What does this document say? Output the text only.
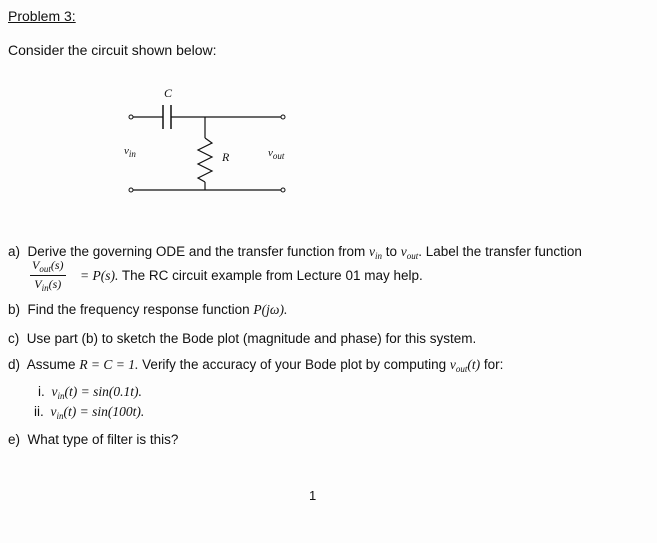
Problem 3:
Consider the circuit shown below:
C
R
$v_{in}$	$v_{out}$
a) Derive the governing ODE and the transfer function from $v_{in}$ to $v_{out}$. Label the transfer function
$V_{out}(s)$
$V_{in}(s)$
= P(s). The RC circuit example from Lecture 01 may help.
b) Find the frequency response function P(jω).
c) Use part (b) to sketch the Bode plot (magnitude and phase) for this system.
d) Assume R = C = 1. Verify the accuracy of your Bode plot by computing $v_{out}(t)$ for:
i. $v_{in}(t) = \sin(0.1t)$.
ii. $v_{in}(t) = \sin(100t)$.
e) What type of filter is this?
1
